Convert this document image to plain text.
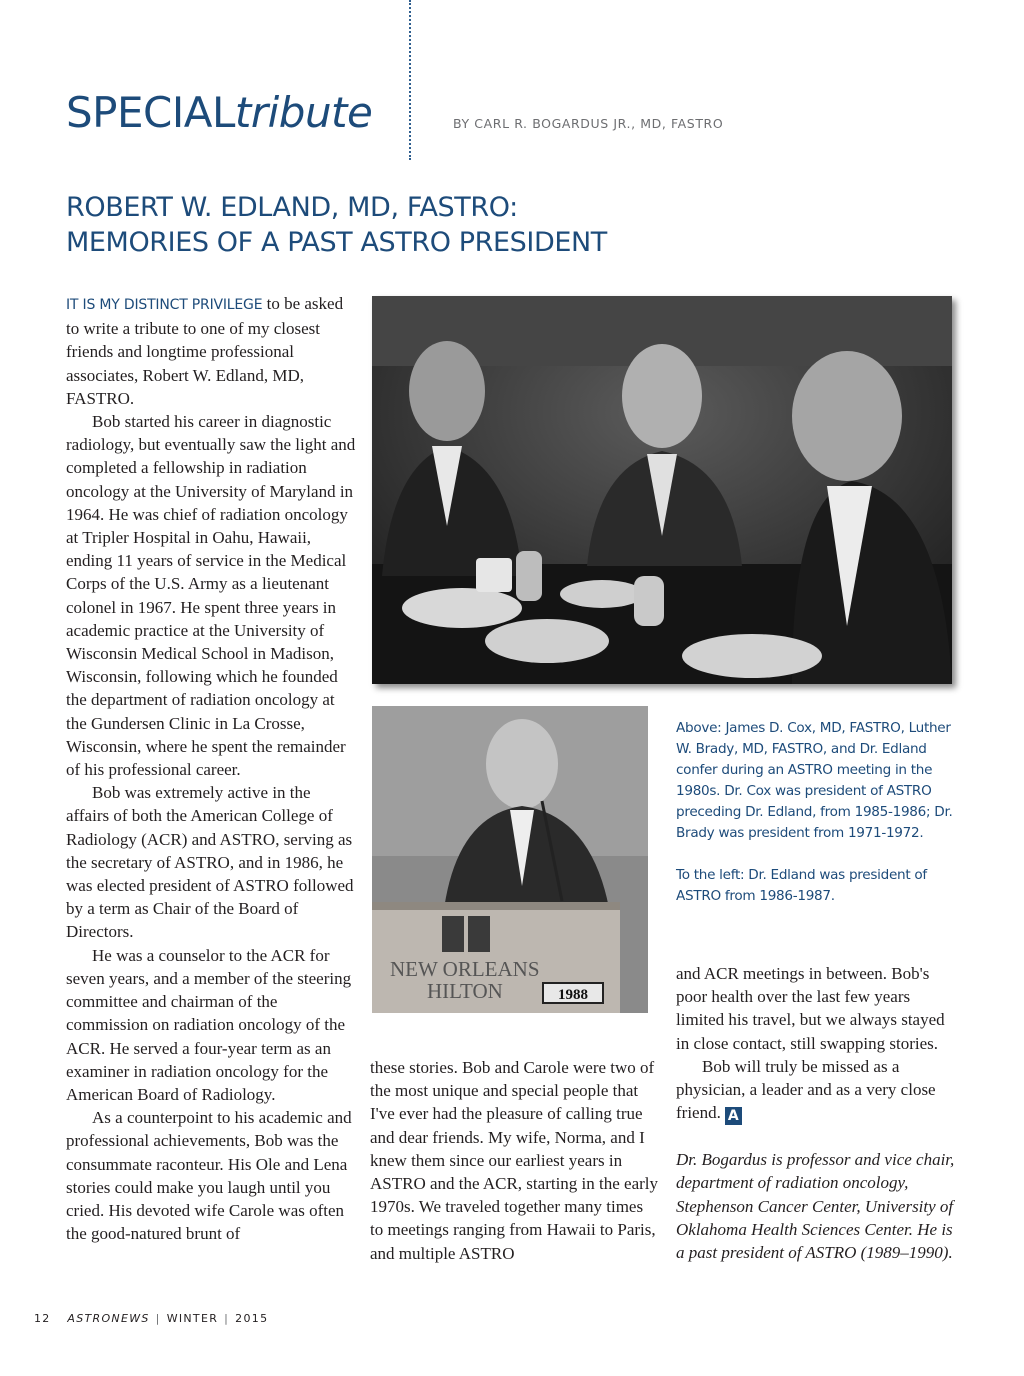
SPECIALtribute	BY CARL R. BOGARDUS JR., MD, FASTRO
ROBERT W. EDLAND, MD, FASTRO:
MEMORIES OF A PAST ASTRO PRESIDENT

IT IS MY DISTINCT PRIVILEGE to be asked to write a tribute to one of my closest friends and longtime professional associates, Robert W. Edland, MD, FASTRO.

Bob started his career in diagnostic radiology, but eventually saw the light and completed a fellowship in radiation oncology at the University of Maryland in 1964. He was chief of radiation oncology at Tripler Hospital in Oahu, Hawaii, ending 11 years of service in the Medical Corps of the U.S. Army as a lieutenant colonel in 1967. He spent three years in academic practice at the University of Wisconsin Medical School in Madison, Wisconsin, following which he founded the department of radiation oncology at the Gundersen Clinic in La Crosse, Wisconsin, where he spent the remainder of his professional career.

Bob was extremely active in the affairs of both the American College of Radiology (ACR) and ASTRO, serving as the secretary of ASTRO, and in 1986, he was elected president of ASTRO followed by a term as Chair of the Board of Directors.

He was a counselor to the ACR for seven years, and a member of the steering committee and chairman of the commission on radiation oncology of the ACR. He served a four-year term as an examiner in radiation oncology for the American Board of Radiology.

As a counterpoint to his academic and professional achievements, Bob was the consummate raconteur. His Ole and Lena stories could make you laugh until you cried. His devoted wife Carole was often the good-natured brunt of

NEW ORLEANS
HILTON	1988

Above: James D. Cox, MD, FASTRO, Luther W. Brady, MD, FASTRO, and Dr. Edland confer during an ASTRO meeting in the 1980s. Dr. Cox was president of ASTRO preceding Dr. Edland, from 1985-1986; Dr. Brady was president from 1971-1972.

To the left: Dr. Edland was president of ASTRO from 1986-1987.

these stories. Bob and Carole were two of the most unique and special people that I've ever had the pleasure of calling true and dear friends. My wife, Norma, and I knew them since our earliest years in ASTRO and the ACR, starting in the early 1970s. We traveled together many times to meetings ranging from Hawaii to Paris, and multiple ASTRO

and ACR meetings in between. Bob's poor health over the last few years limited his travel, but we always stayed in close contact, still swapping stories.

Bob will truly be missed as a physician, a leader and as a very close friend. A

Dr. Bogardus is professor and vice chair, department of radiation oncology, Stephenson Cancer Center, University of Oklahoma Health Sciences Center. He is a past president of ASTRO (1989–1990).

12 ASTRONEWS | WINTER | 2015
